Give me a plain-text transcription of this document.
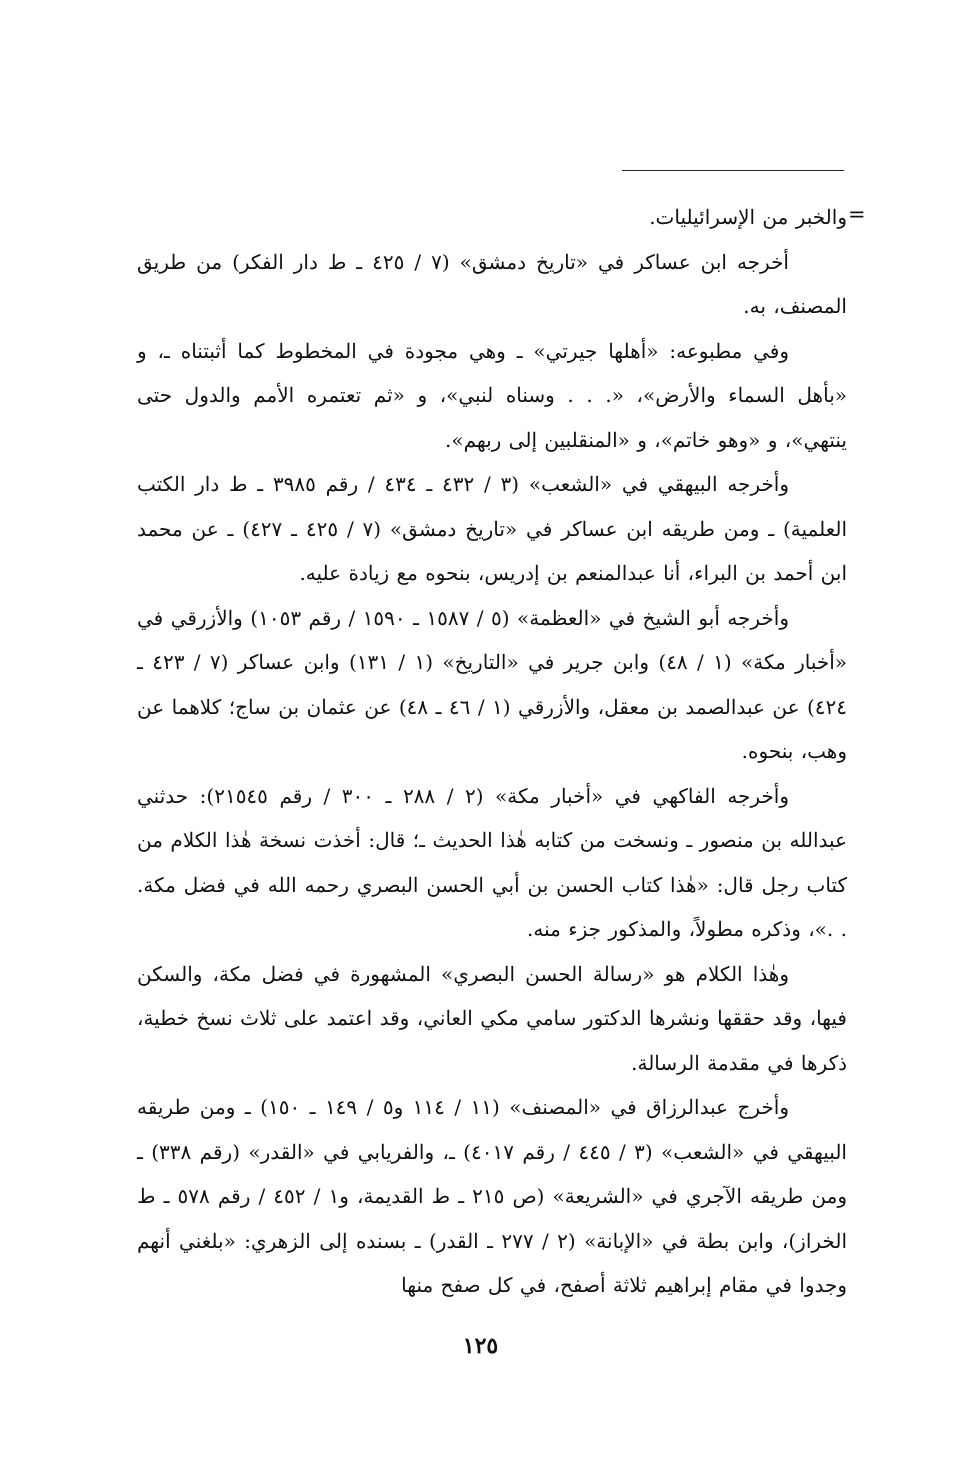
=

والخبر من الإسرائيليات.

أخرجه ابن عساكر في «تاريخ دمشق» (٧ / ٤٢٥ ـ ط دار الفكر) من طريق المصنف، به.

وفي مطبوعه: «أهلها جيرتي» ـ وهي مجودة في المخطوط كما أثبتناه ـ، و «بأهل السماء والأرض»، «. . . وسناه لنبي»، و «ثم تعتمره الأمم والدول حتى ينتهي»، و «وهو خاتم»، و «المنقلبين إلى ربهم».

وأخرجه البيهقي في «الشعب» (٣ / ٤٣٢ ـ ٤٣٤ / رقم ٣٩٨٥ ـ ط دار الكتب العلمية) ـ ومن طريقه ابن عساكر في «تاريخ دمشق» (٧ / ٤٢٥ ـ ٤٢٧) ـ عن محمد ابن أحمد بن البراء، أنا عبدالمنعم بن إدريس، بنحوه مع زيادة عليه.

وأخرجه أبو الشيخ في «العظمة» (٥ / ١٥٨٧ ـ ١٥٩٠ / رقم ١٠٥٣) والأزرقي في «أخبار مكة» (١ / ٤٨) وابن جرير في «التاريخ» (١ / ١٣١) وابن عساكر (٧ / ٤٢٣ ـ ٤٢٤) عن عبدالصمد بن معقل، والأزرقي (١ / ٤٦ ـ ٤٨) عن عثمان بن ساج؛ كلاهما عن وهب، بنحوه.

وأخرجه الفاكهي في «أخبار مكة» (٢ / ٢٨٨ ـ ٣٠٠ / رقم ٢١٥٤٥): حدثني عبدالله بن منصور ـ ونسخت من كتابه هٰذا الحديث ـ؛ قال: أخذت نسخة هٰذا الكلام من كتاب رجل قال: «هٰذا كتاب الحسن بن أبي الحسن البصري رحمه الله في فضل مكة. . .»، وذكره مطولاً، والمذكور جزء منه.

وهٰذا الكلام هو «رسالة الحسن البصري» المشهورة في فضل مكة، والسكن فيها، وقد حققها ونشرها الدكتور سامي مكي العاني، وقد اعتمد على ثلاث نسخ خطية، ذكرها في مقدمة الرسالة.

وأخرج عبدالرزاق في «المصنف» (١١ / ١١٤ و٥ / ١٤٩ ـ ١٥٠) ـ ومن طريقه البيهقي في «الشعب» (٣ / ٤٤٥ / رقم ٤٠١٧) ـ، والفريابي في «القدر» (رقم ٣٣٨) ـ ومن طريقه الآجري في «الشريعة» (ص ٢١٥ ـ ط القديمة، و١ / ٤٥٢ / رقم ٥٧٨ ـ ط الخراز)، وابن بطة في «الإبانة» (٢ / ٢٧٧ ـ القدر) ـ بسنده إلى الزهري: «بلغني أنهم وجدوا في مقام إبراهيم ثلاثة أصفح، في كل صفح منها

١٢٥
